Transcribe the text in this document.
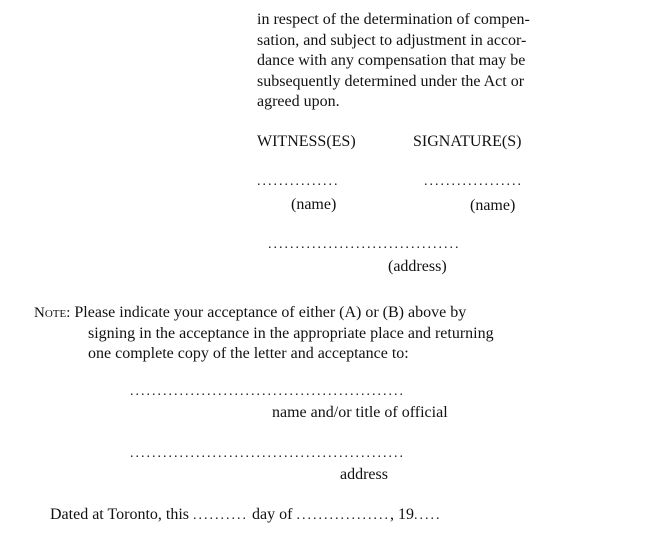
in respect of the determination of compen-
sation, and subject to adjustment in accor-
dance with any compensation that may be
subsequently determined under the Act or
agreed upon.
WITNESS(ES)	SIGNATURE(S)
...............	..................
(name)	(name)
...................................
(address)
Note: Please indicate your acceptance of either (A) or (B) above by
signing in the acceptance in the appropriate place and returning
one complete copy of the letter and acceptance to:
..................................................
name and/or title of official
..................................................
address
Dated at Toronto, this .......... day of ................., 19.....
